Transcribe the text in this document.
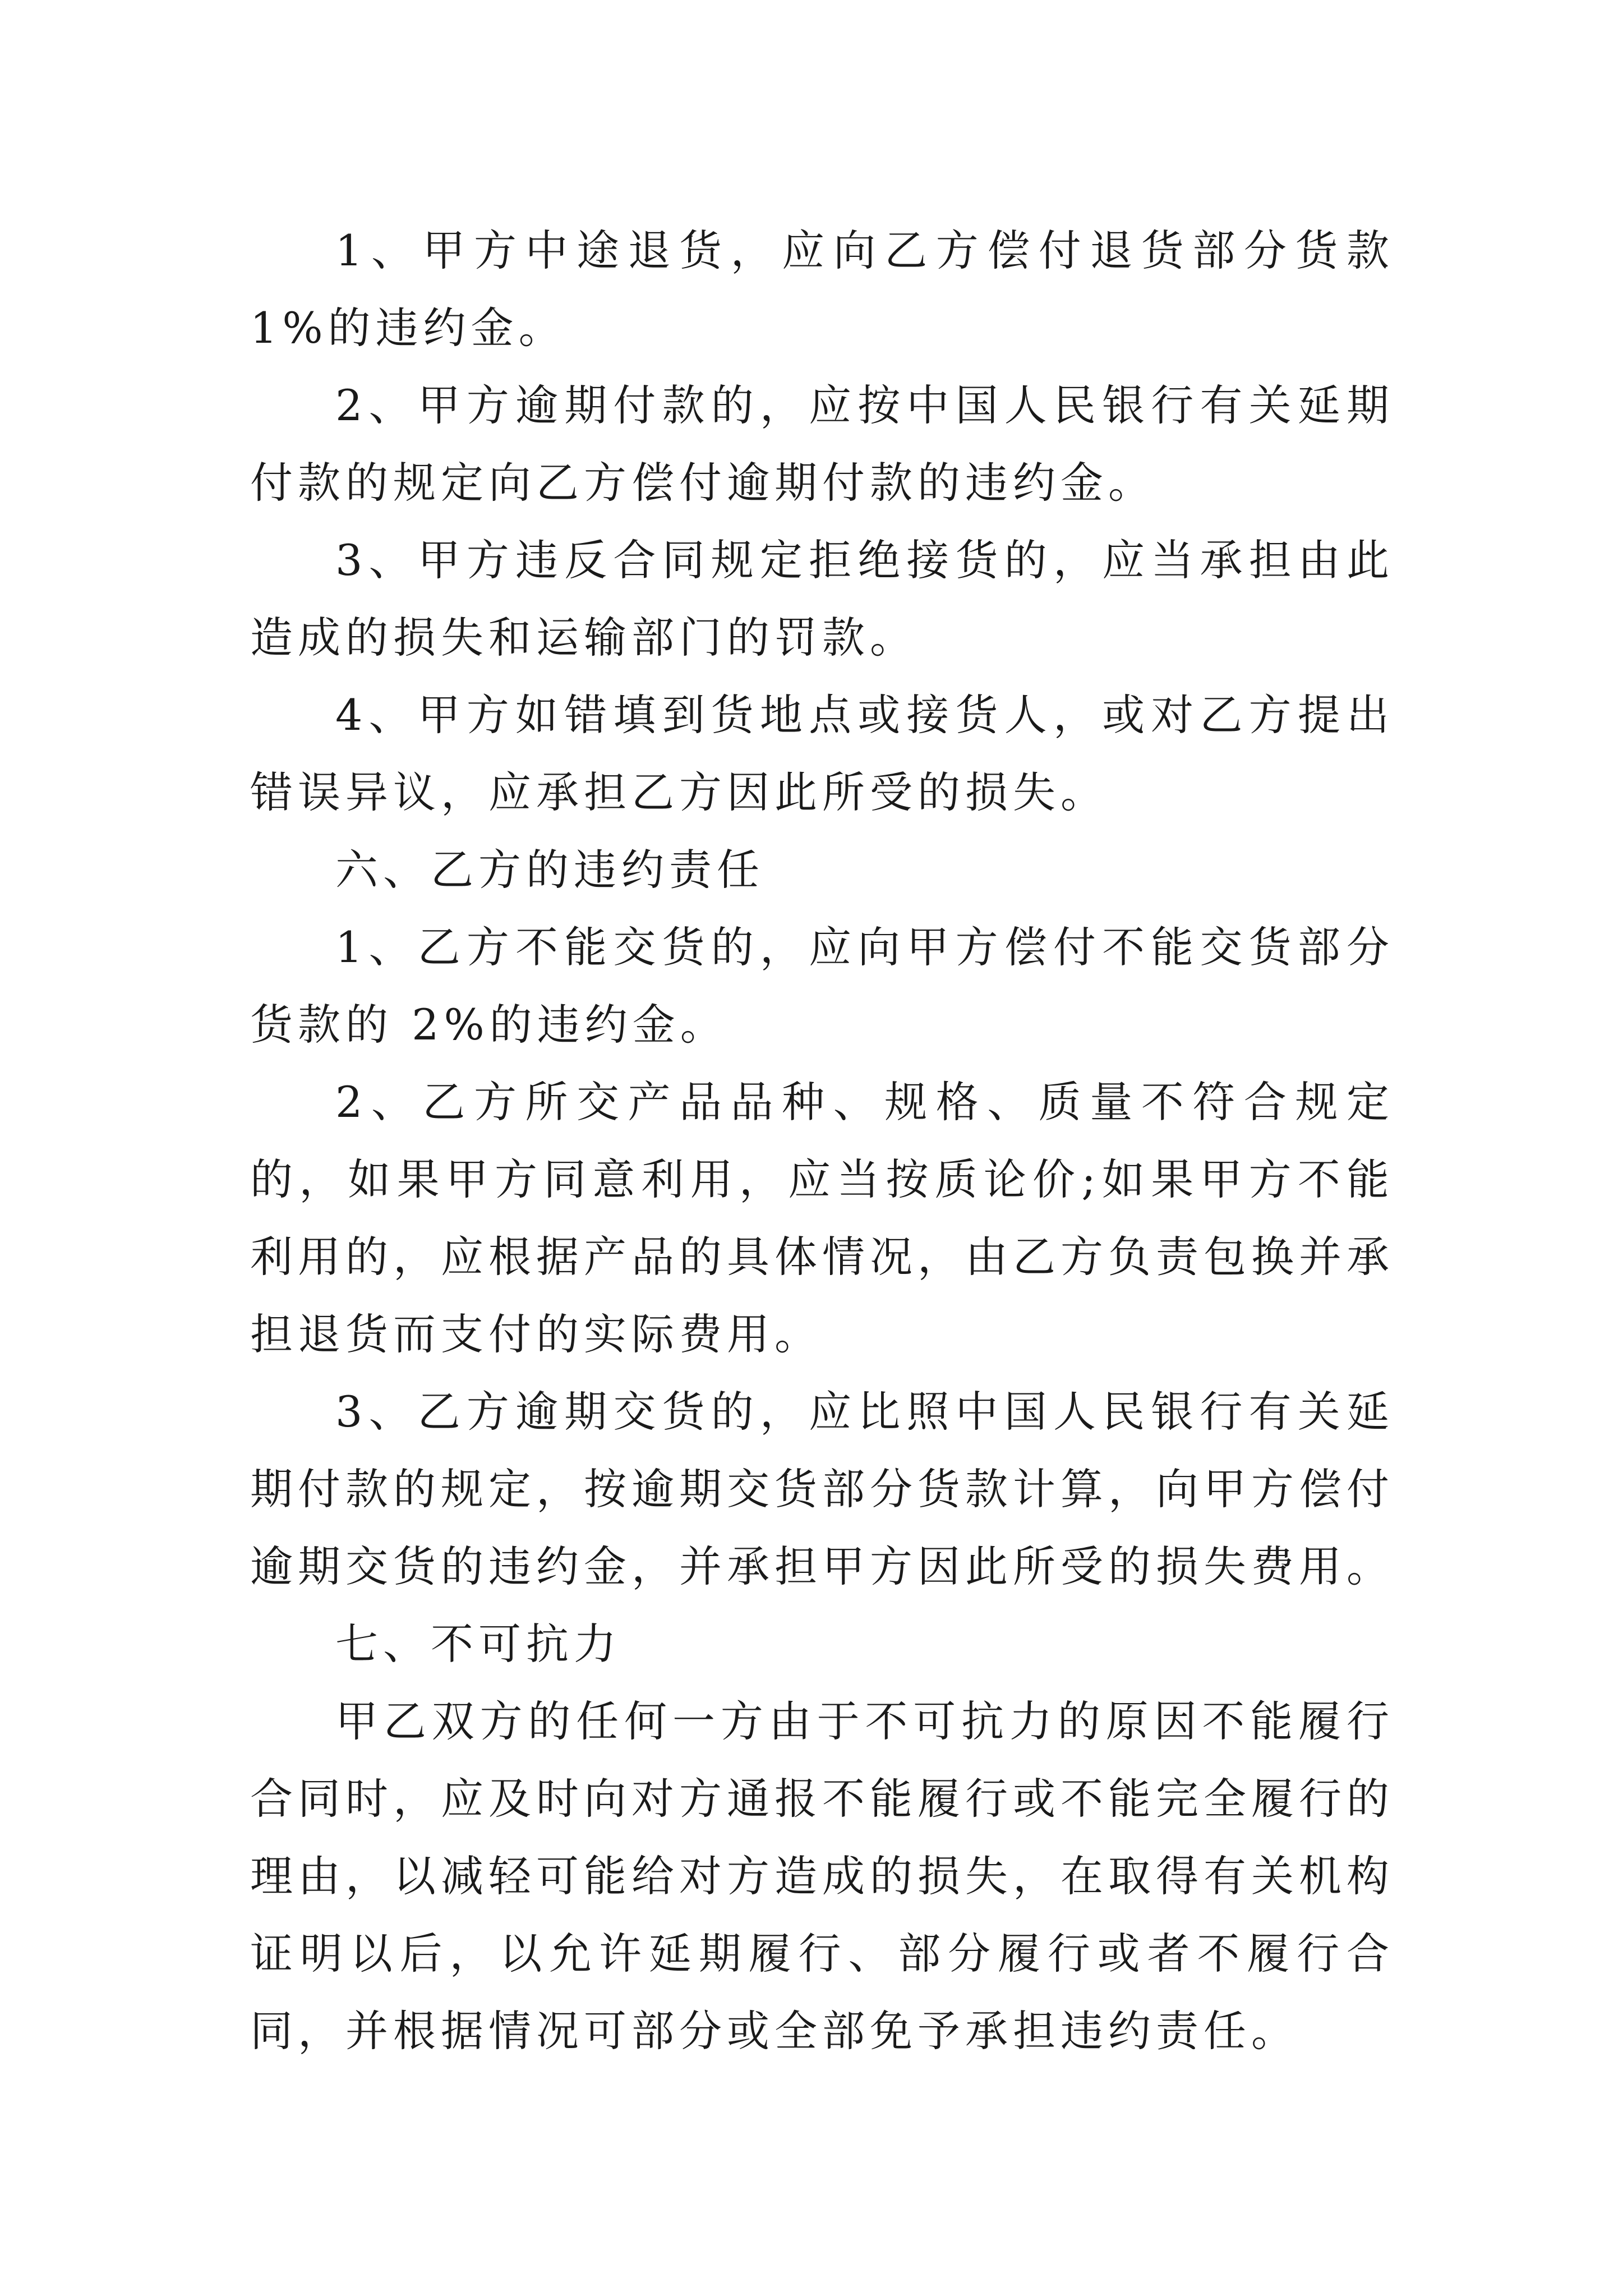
1、甲方中途退货，应向乙方偿付退货部分货款 1%的违约金。

2、甲方逾期付款的，应按中国人民银行有关延期付款的规定向乙方偿付逾期付款的违约金。

3、甲方违反合同规定拒绝接货的，应当承担由此造成的损失和运输部门的罚款。

4、甲方如错填到货地点或接货人，或对乙方提出错误异议，应承担乙方因此所受的损失。

六、乙方的违约责任

1、乙方不能交货的，应向甲方偿付不能交货部分货款的 2%的违约金。

2、乙方所交产品品种、规格、质量不符合规定的，如果甲方同意利用，应当按质论价;如果甲方不能利用的，应根据产品的具体情况，由乙方负责包换并承担退货而支付的实际费用。

3、乙方逾期交货的，应比照中国人民银行有关延期付款的规定，按逾期交货部分货款计算，向甲方偿付逾期交货的违约金，并承担甲方因此所受的损失费用。

七、不可抗力

甲乙双方的任何一方由于不可抗力的原因不能履行合同时，应及时向对方通报不能履行或不能完全履行的理由，以减轻可能给对方造成的损失，在取得有关机构证明以后，以允许延期履行、部分履行或者不履行合同，并根据情况可部分或全部免予承担违约责任。
